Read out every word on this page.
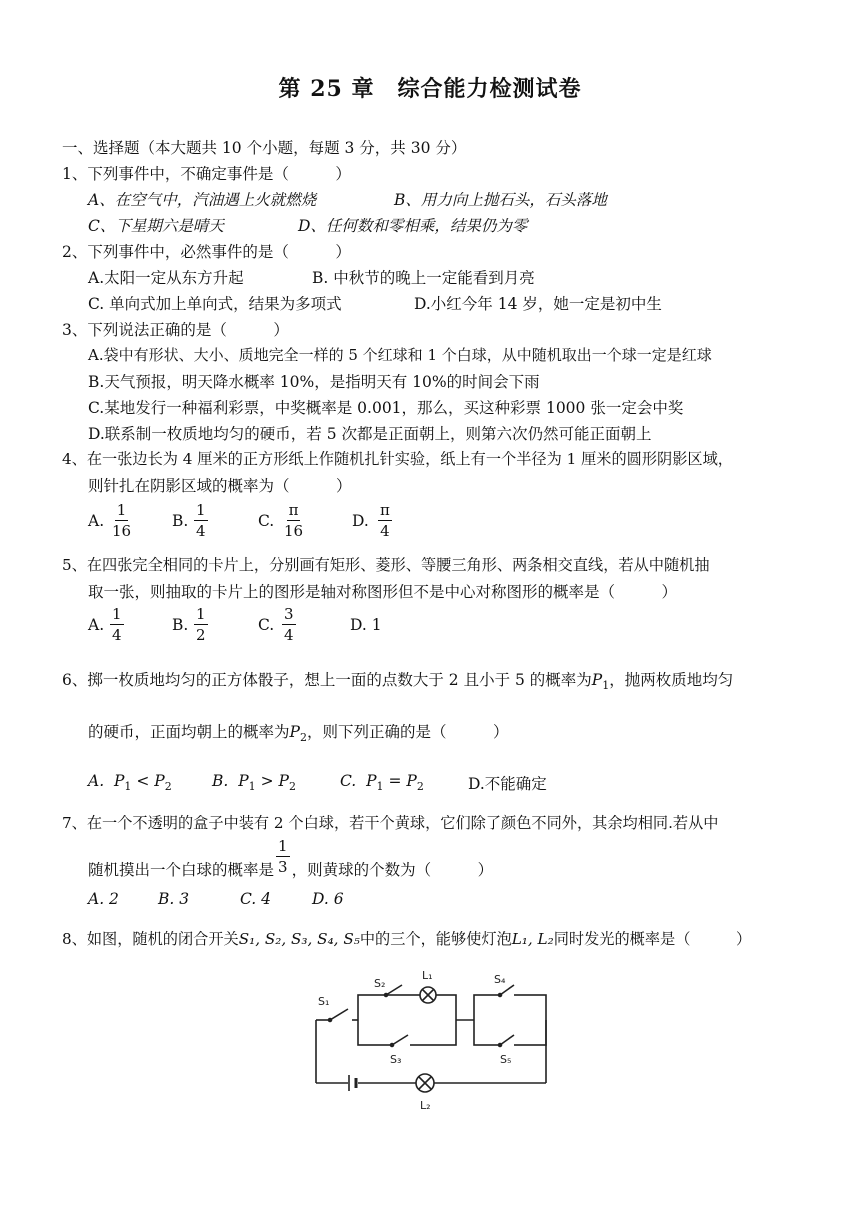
第 25 章　综合能力检测试卷
一、选择题（本大题共 10 个小题，每题 3 分，共 30 分）
1、下列事件中，不确定事件是（　　　）
A、在空气中，汽油遇上火就燃烧	B、用力向上抛石头，石头落地
C、下星期六是晴天	D、任何数和零相乘，结果仍为零
2、下列事件中，必然事件的是（　　　）
A.太阳一定从东方升起	B. 中秋节的晚上一定能看到月亮
C. 单向式加上单向式，结果为多项式	D.小红今年 14 岁，她一定是初中生
3、下列说法正确的是（　　　）
A.袋中有形状、大小、质地完全一样的 5 个红球和 1 个白球，从中随机取出一个球一定是红球
B.天气预报，明天降水概率 10%，是指明天有 10%的时间会下雨
C.某地发行一种福利彩票，中奖概率是 0.001，那么，买这种彩票 1000 张一定会中奖
D.联系制一枚质地均匀的硬币，若 5 次都是正面朝上，则第六次仍然可能正面朝上
4、在一张边长为 4 厘米的正方形纸上作随机扎针实验，纸上有一个半径为 1 厘米的圆形阴影区域，
则针扎在阴影区域的概率为（　　　）
A. $\frac{1}{16}$	B. $\frac{1}{4}$	C. $\frac{\pi}{16}$	D. $\frac{\pi}{4}$
5、在四张完全相同的卡片上，分别画有矩形、菱形、等腰三角形、两条相交直线，若从中随机抽
取一张，则抽取的卡片上的图形是轴对称图形但不是中心对称图形的概率是（　　　）
A. $\frac{1}{4}$	B. $\frac{1}{2}$	C. $\frac{3}{4}$	D. 1
6、掷一枚质地均匀的正方体骰子，想上一面的点数大于 2 且小于 5 的概率为$P_1$，抛两枚质地均匀
的硬币，正面均朝上的概率为$P_2$，则下列正确的是（　　　）
A. $P_1 < P_2$	B. $P_1 > P_2$	C. $P_1 = P_2$	D.不能确定
7、在一个不透明的盒子中装有 2 个白球，若干个黄球，它们除了颜色不同外，其余均相同.若从中
随机摸出一个白球的概率是 $\frac{1}{3}$ ，则黄球的个数为（　　　）
A. 2	B. 3	C. 4	D. 6
8、如图，随机的闭合开关S₁, S₂, S₃, S₄, S₅中的三个，能够使灯泡L₁, L₂同时发光的概率是（　　　）
S₁
S₂
L₁
S₃
S₄
S₅
L₂
